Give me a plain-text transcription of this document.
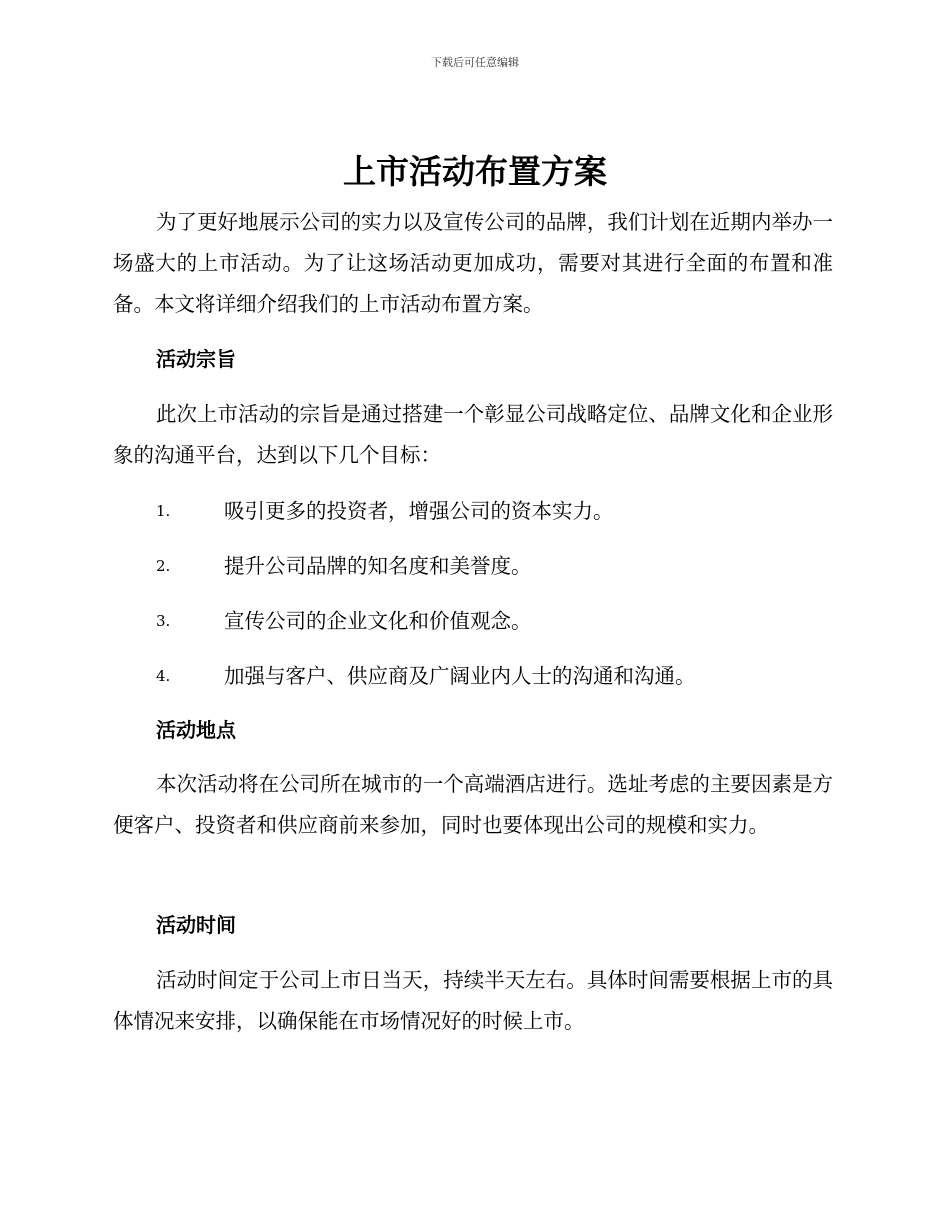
下载后可任意编辑
上市活动布置方案

为了更好地展示公司的实力以及宣传公司的品牌，我们计划在近期内举办一场盛大的上市活动。为了让这场活动更加成功，需要对其进行全面的布置和准备。本文将详细介绍我们的上市活动布置方案。

活动宗旨

此次上市活动的宗旨是通过搭建一个彰显公司战略定位、品牌文化和企业形象的沟通平台，达到以下几个目标：

1.	吸引更多的投资者，增强公司的资本实力。
2.	提升公司品牌的知名度和美誉度。
3.	宣传公司的企业文化和价值观念。
4.	加强与客户、供应商及广阔业内人士的沟通和沟通。
活动地点

本次活动将在公司所在城市的一个高端酒店进行。选址考虑的主要因素是方便客户、投资者和供应商前来参加，同时也要体现出公司的规模和实力。

活动时间

活动时间定于公司上市日当天，持续半天左右。具体时间需要根据上市的具体情况来安排，以确保能在市场情况好的时候上市。
